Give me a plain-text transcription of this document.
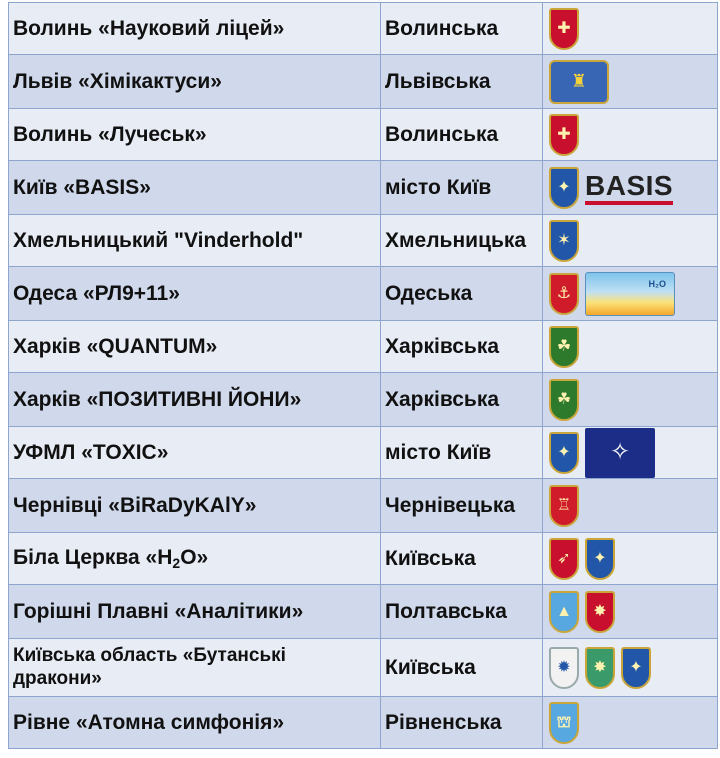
Волинь «Науковий ліцей»	Волинська	✚

Львів «Хімікактуси»	Львівська	♜

Волинь «Лучеськ»	Волинська	✚

Київ «BASIS»	місто Київ	✦ BASIS

Хмельницький "Vinderhold"	Хмельницька	✶

Одеса «РЛ9+11»	Одеська	⚓
H₂O

Харків «QUANTUM»	Харківська	☘

Харків «ПОЗИТИВНІ ЙОНИ»	Харківська	☘

УФМЛ «TOXIC»	місто Київ	✦ ✧

Чернівці «BiRaDyKAlY»	Чернівецька	♖

Біла Церква «$H_2O$»	Київська	➶ ✦

Горішні Плавні «Аналітики»	Полтавська	▲ ✸

Київська область «Бутанські дракони»	Київська	✹ ✸ ✦

Рівне «Атомна симфонія»	Рівненська	⛫
